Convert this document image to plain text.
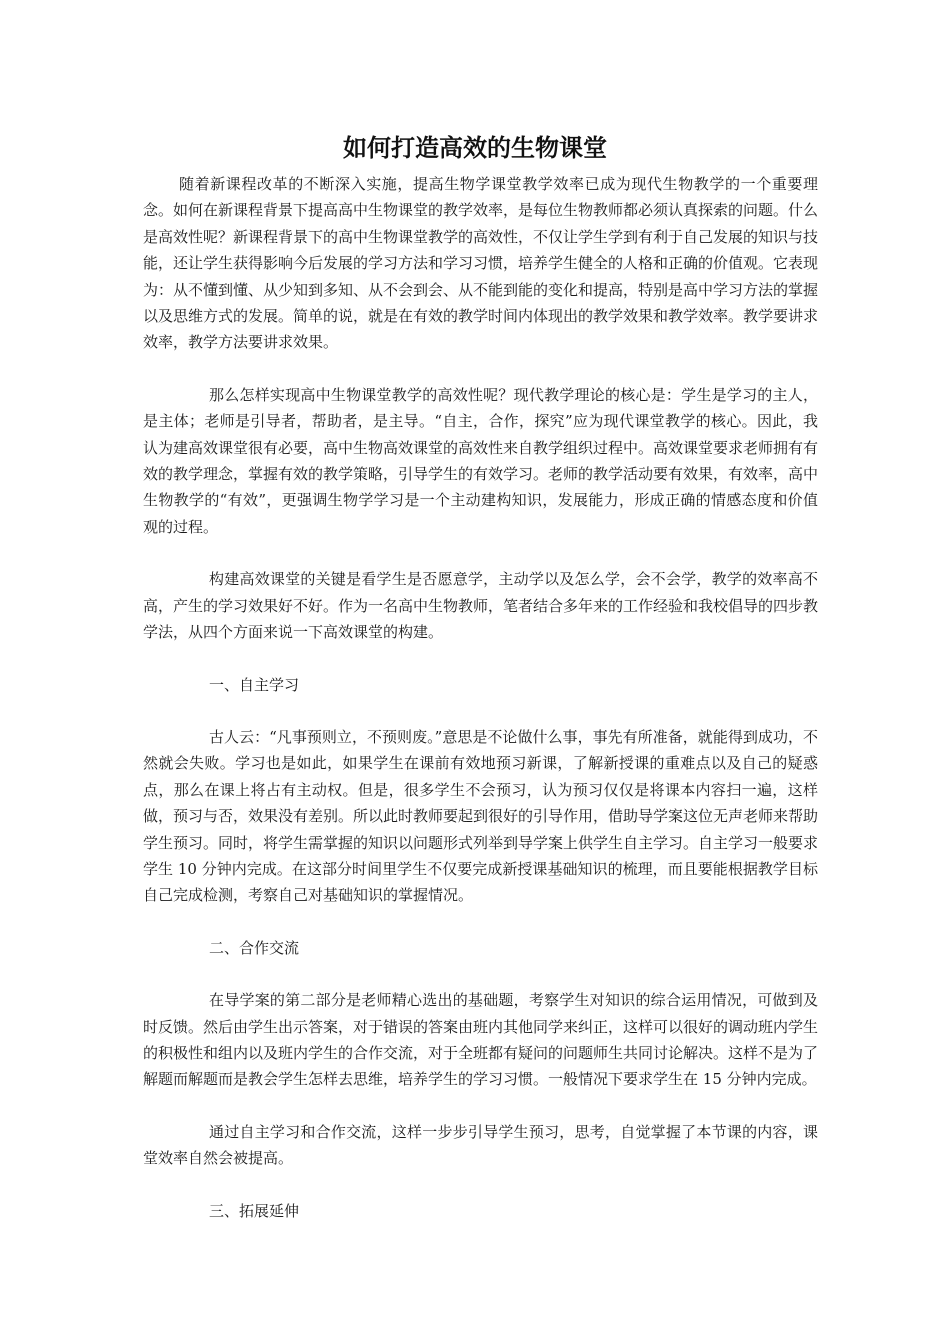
如何打造高效的生物课堂

随着新课程改革的不断深入实施，提高生物学课堂教学效率已成为现代生物教学的一个重要理念。如何在新课程背景下提高高中生物课堂的教学效率，是每位生物教师都必须认真探索的问题。什么是高效性呢？新课程背景下的高中生物课堂教学的高效性，不仅让学生学到有利于自己发展的知识与技能，还让学生获得影响今后发展的学习方法和学习习惯，培养学生健全的人格和正确的价值观。它表现为：从不懂到懂、从少知到多知、从不会到会、从不能到能的变化和提高，特别是高中学习方法的掌握以及思维方式的发展。简单的说，就是在有效的教学时间内体现出的教学效果和教学效率。教学要讲求效率，教学方法要讲求效果。

那么怎样实现高中生物课堂教学的高效性呢？现代教学理论的核心是：学生是学习的主人，是主体；老师是引导者，帮助者，是主导。“自主，合作，探究”应为现代课堂教学的核心。因此，我认为建高效课堂很有必要，高中生物高效课堂的高效性来自教学组织过程中。高效课堂要求老师拥有有效的教学理念，掌握有效的教学策略，引导学生的有效学习。老师的教学活动要有效果，有效率，高中生物教学的“有效”，更强调生物学学习是一个主动建构知识，发展能力，形成正确的情感态度和价值观的过程。

构建高效课堂的关键是看学生是否愿意学，主动学以及怎么学，会不会学，教学的效率高不高，产生的学习效果好不好。作为一名高中生物教师，笔者结合多年来的工作经验和我校倡导的四步教学法，从四个方面来说一下高效课堂的构建。

一、自主学习

古人云：“凡事预则立，不预则废。”意思是不论做什么事，事先有所准备，就能得到成功，不然就会失败。学习也是如此，如果学生在课前有效地预习新课，了解新授课的重难点以及自己的疑惑点，那么在课上将占有主动权。但是，很多学生不会预习，认为预习仅仅是将课本内容扫一遍，这样做，预习与否，效果没有差别。所以此时教师要起到很好的引导作用，借助导学案这位无声老师来帮助学生预习。同时，将学生需掌握的知识以问题形式列举到导学案上供学生自主学习。自主学习一般要求学生 10 分钟内完成。在这部分时间里学生不仅要完成新授课基础知识的梳理，而且要能根据教学目标自己完成检测，考察自己对基础知识的掌握情况。

二、合作交流

在导学案的第二部分是老师精心选出的基础题，考察学生对知识的综合运用情况，可做到及时反馈。然后由学生出示答案，对于错误的答案由班内其他同学来纠正，这样可以很好的调动班内学生的积极性和组内以及班内学生的合作交流，对于全班都有疑问的问题师生共同讨论解决。这样不是为了解题而解题而是教会学生怎样去思维，培养学生的学习习惯。一般情况下要求学生在 15 分钟内完成。

通过自主学习和合作交流，这样一步步引导学生预习，思考，自觉掌握了本节课的内容，课堂效率自然会被提高。

三、拓展延伸
